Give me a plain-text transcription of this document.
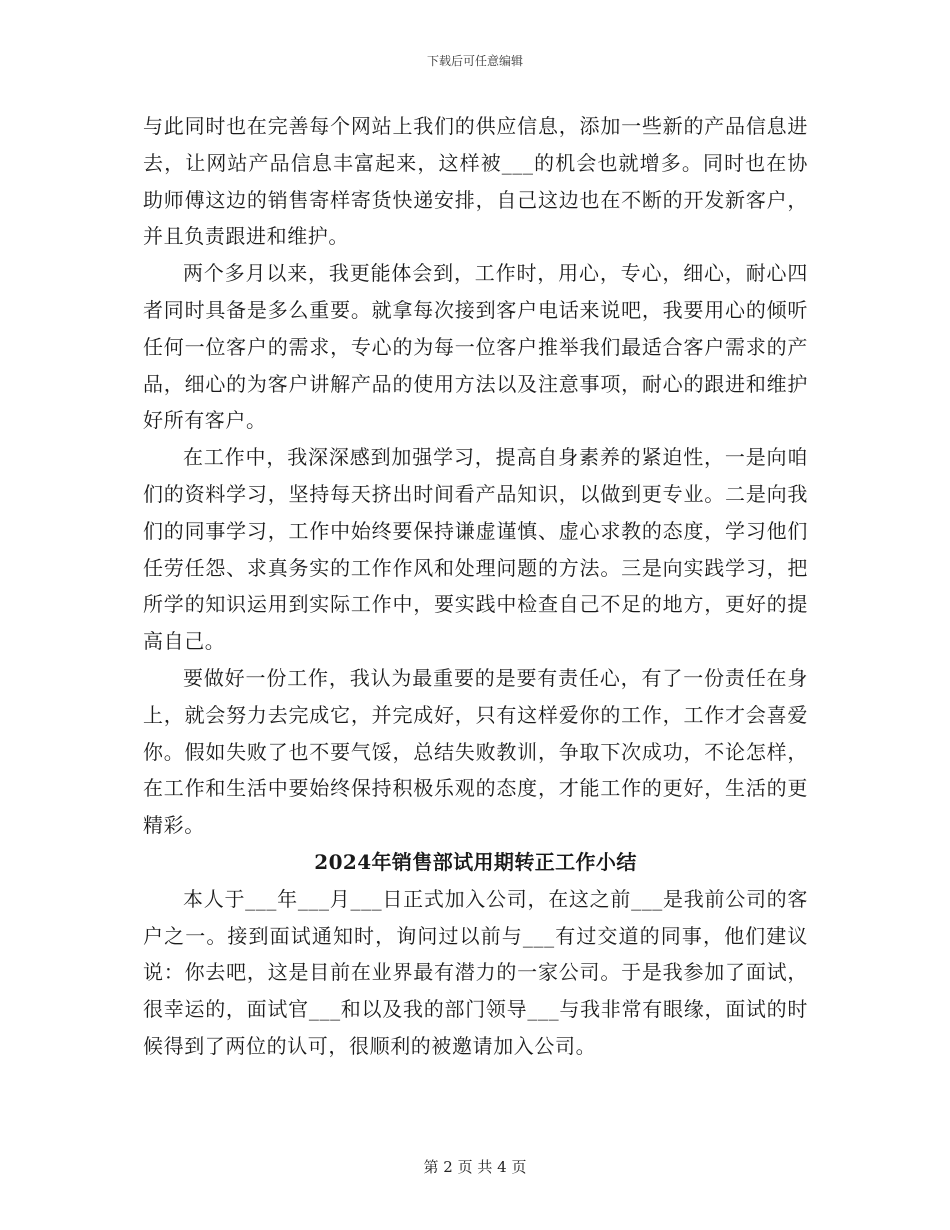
下载后可任意编辑

与此同时也在完善每个网站上我们的供应信息，添加一些新的产品信息进去，让网站产品信息丰富起来，这样被___的机会也就增多。同时也在协助师傅这边的销售寄样寄货快递安排，自己这边也在不断的开发新客户，并且负责跟进和维护。

两个多月以来，我更能体会到，工作时，用心，专心，细心，耐心四者同时具备是多么重要。就拿每次接到客户电话来说吧，我要用心的倾听任何一位客户的需求，专心的为每一位客户推举我们最适合客户需求的产品，细心的为客户讲解产品的使用方法以及注意事项，耐心的跟进和维护好所有客户。

在工作中，我深深感到加强学习，提高自身素养的紧迫性，一是向咱们的资料学习，坚持每天挤出时间看产品知识，以做到更专业。二是向我们的同事学习，工作中始终要保持谦虚谨慎、虚心求教的态度，学习他们任劳任怨、求真务实的工作作风和处理问题的方法。三是向实践学习，把所学的知识运用到实际工作中，要实践中检查自己不足的地方，更好的提高自己。

要做好一份工作，我认为最重要的是要有责任心，有了一份责任在身上，就会努力去完成它，并完成好，只有这样爱你的工作，工作才会喜爱你。假如失败了也不要气馁，总结失败教训，争取下次成功，不论怎样，在工作和生活中要始终保持积极乐观的态度，才能工作的更好，生活的更精彩。

2024年销售部试用期转正工作小结

本人于___年___月___日正式加入公司，在这之前___是我前公司的客户之一。接到面试通知时，询问过以前与___有过交道的同事，他们建议说：你去吧，这是目前在业界最有潜力的一家公司。于是我参加了面试，很幸运的，面试官___和以及我的部门领导___与我非常有眼缘，面试的时候得到了两位的认可，很顺利的被邀请加入公司。

第 2 页 共 4 页
